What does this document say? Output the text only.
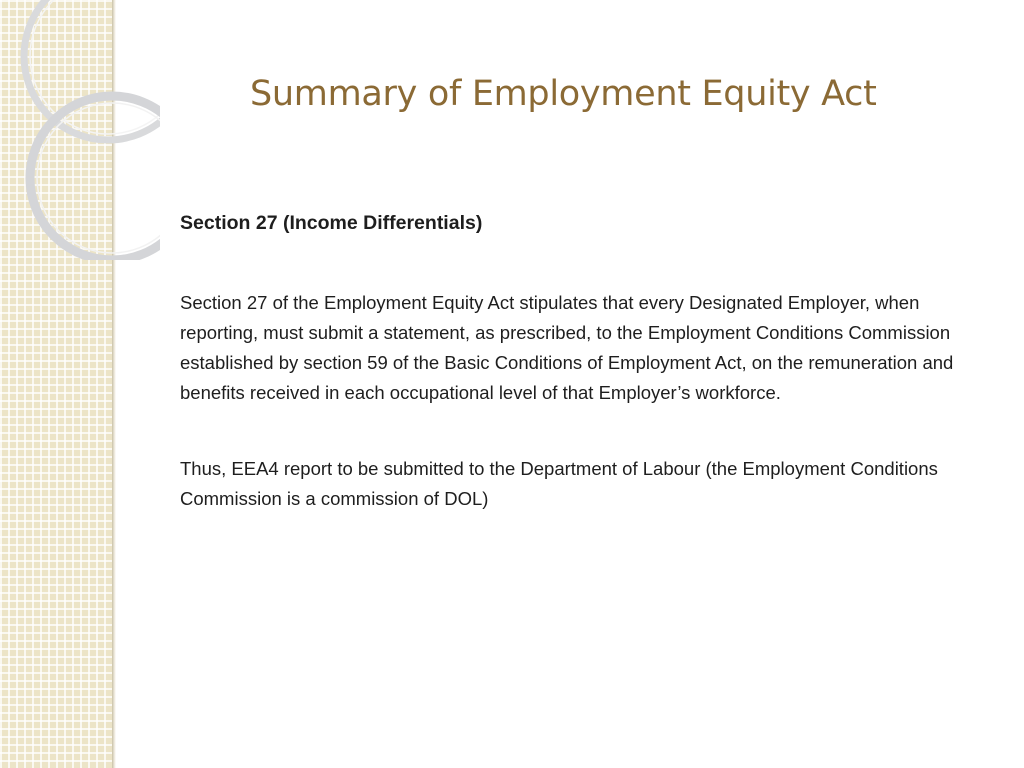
Summary of Employment Equity Act

Section 27 (Income Differentials)

Section 27 of the Employment Equity Act stipulates that every Designated Employer, when reporting, must submit a statement, as prescribed, to the Employment Conditions Commission established by section 59 of the Basic Conditions of Employment Act, on the remuneration and benefits received in each occupational level of that Employer’s workforce.

Thus, EEA4 report to be submitted to the Department of Labour (the Employment Conditions Commission is a commission of DOL)
